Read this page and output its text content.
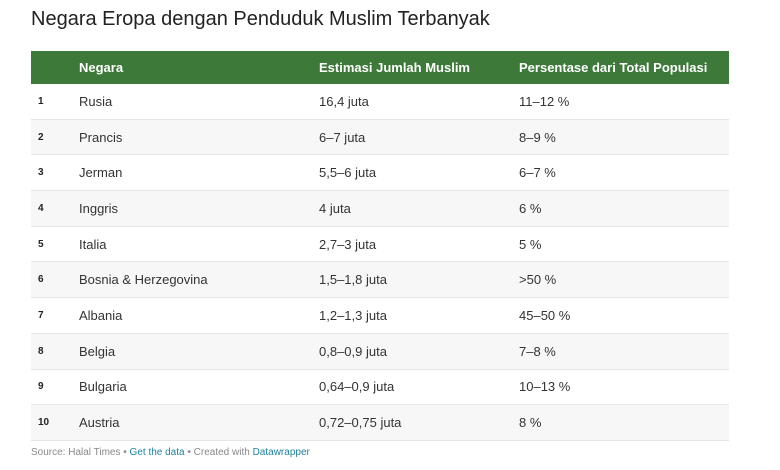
Negara Eropa dengan Penduduk Muslim Terbanyak
Negara	Estimasi Jumlah Muslim	Persentase dari Total Populasi
1	Rusia	16,4 juta	11–12 %
2	Prancis	6–7 juta	8–9 %
3	Jerman	5,5–6 juta	6–7 %
4	Inggris	4 juta	6 %
5	Italia	2,7–3 juta	5 %
6	Bosnia & Herzegovina	1,5–1,8 juta	>50 %
7	Albania	1,2–1,3 juta	45–50 %
8	Belgia	0,8–0,9 juta	7–8 %
9	Bulgaria	0,64–0,9 juta	10–13 %
10 Austria	0,72–0,75 juta	8 %
Source: Halal Times • Get the data • Created with Datawrapper
